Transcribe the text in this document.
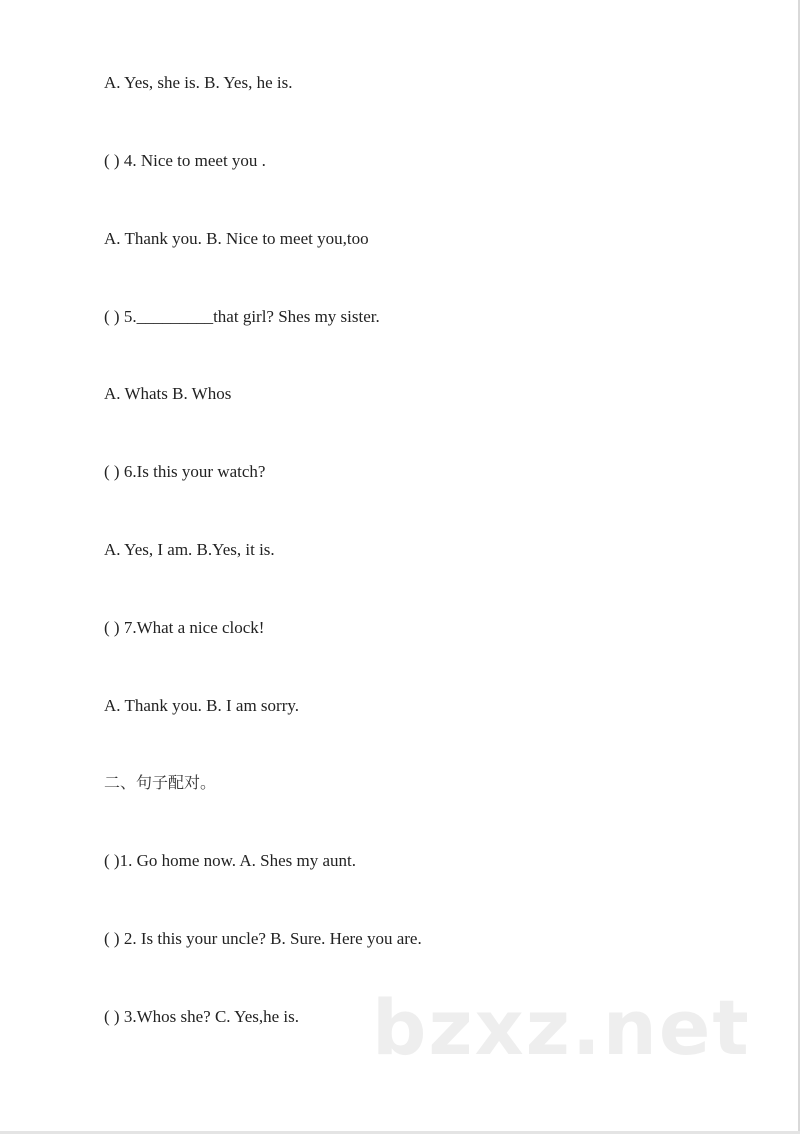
A. Yes, she is. B. Yes, he is.
( ) 4. Nice to meet you .
A. Thank you. B. Nice to meet you,too
( ) 5._________that girl? Shes my sister.
A. Whats B. Whos
( ) 6.Is this your watch?
A. Yes, I am. B.Yes, it is.
( ) 7.What a nice clock!
A. Thank you. B. I am sorry.
二、句子配对。
( )1. Go home now. A. Shes my aunt.
( ) 2. Is this your uncle? B. Sure. Here you are.
( ) 3.Whos she? C. Yes,he is. bzxz.net
